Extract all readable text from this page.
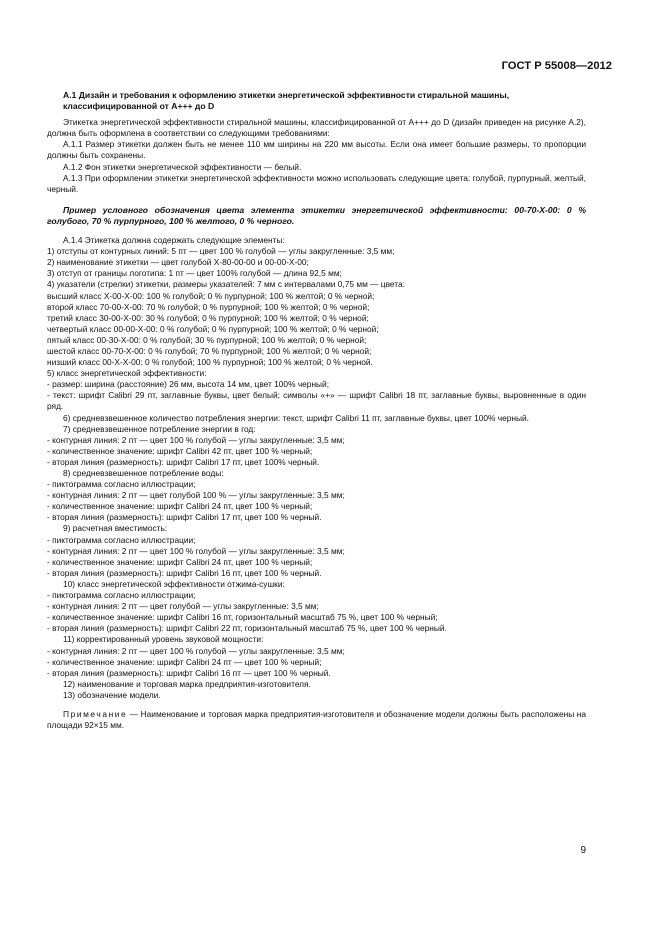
ГОСТ Р 55008—2012

А.1 Дизайн и требования к оформлению этикетки энергетической эффективности стиральной машины, классифицированной от А+++ до D

Этикетка энергетической эффективности стиральной машины, классифицированной от А+++ до D (дизайн приведен на рисунке А.2), должна быть оформлена в соответствии со следующими требованиями:

А.1.1 Размер этикетки должен быть не менее 110 мм ширины на 220 мм высоты. Если она имеет большие размеры, то пропорции должны быть сохранены.

А.1.2 Фон этикетки энергетической эффективности — белый.

А.1.3 При оформлении этикетки энергетической эффективности можно использовать следующие цвета: голубой, пурпурный, желтый, черный.

Пример условного обозначения цвета элемента этикетки энергетической эффективности: 00-70-Х-00: 0 % голубого, 70 % пурпурного, 100 % желтого, 0 % черного.

А.1.4 Этикетка должна содержать следующие элементы:

1) отступы от контурных линий: 5 пт — цвет 100 % голубой — углы закругленные: 3,5 мм;

2) наименование этикетки — цвет голубой Х-80-00-00 и 00-00-Х-00;

3) отступ от границы логотипа: 1 пт — цвет 100% голубой — длина 92,5 мм;

4) указатели (стрелки) этикетки, размеры указателей: 7 мм с интервалами 0,75 мм — цвета:

высший класс Х-00-Х-00: 100 % голубой; 0 % пурпурной; 100 % желтой; 0 % черной;

второй класс 70-00-Х-00: 70 % голубой; 0 % пурпурной; 100 % желтой; 0 % черной;

третий класс 30-00-Х-00: 30 % голубой; 0 % пурпурной; 100 % желтой; 0 % черной;

четвертый класс 00-00-Х-00: 0 % голубой; 0 % пурпурной; 100 % желтой; 0 % черной;

пятый класс 00-30-Х-00: 0 % голубой; 30 % пурпурной; 100 % желтой; 0 % черной;

шестой класс 00-70-Х-00: 0 % голубой; 70 % пурпурной; 100 % желтой; 0 % черной;

низший класс 00-Х-Х-00: 0 % голубой; 100 % пурпурной; 100 % желтой; 0 % черной.

5) класс энергетической эффективности:

- размер: ширина (расстояние) 26 мм, высота 14 мм, цвет 100% черный;

- текст: шрифт Calibri 29 пт, заглавные буквы, цвет белый; символы «+» — шрифт Calibri 18 пт, заглавные буквы, выровненные в один ряд.

6) средневзвешенное количество потребления энергии: текст, шрифт Calibri 11 пт, заглавные буквы, цвет 100% черный.

7) средневзвешенное потребление энергии в год:

- контурная линия: 2 пт — цвет 100 % голубой — углы закругленные: 3,5 мм;

- количественное значение: шрифт Calibri 42 пт, цвет 100 % черный;

- вторая линия (размерность): шрифт Calibri 17 пт, цвет 100% черный.

8) средневзвешенное потребление воды:

- пиктограмма согласно иллюстрации;

- контурная линия: 2 пт — цвет голубой 100 % — углы закругленные: 3,5 мм;

- количественное значение: шрифт Calibri 24 пт, цвет 100 % черный;

- вторая линия (размерность): шрифт Calibri 17 пт, цвет 100 % черный.

9) расчетная вместимость:

- пиктограмма согласно иллюстрации;

- контурная линия: 2 пт — цвет 100 % голубой — углы закругленные: 3,5 мм;

- количественное значение: шрифт Calibri 24 пт, цвет 100 % черный;

- вторая линия (размерность): шрифт Calibri 16 пт, цвет 100 % черный.

10) класс энергетической эффективности отжима-сушки:

- пиктограмма согласно иллюстрации;

- контурная линия: 2 пт — цвет голубой — углы закругленные: 3,5 мм;

- количественное значение: шрифт Calibri 16 пт, горизонтальный масштаб 75 %, цвет 100 % черный;

- вторая линия (размерность): шрифт Calibri 22 пт, горизонтальный масштаб 75 %, цвет 100 % черный.

11) корректированный уровень звуковой мощности:

- контурная линия: 2 пт — цвет 100 % голубой — углы закругленные: 3,5 мм;

- количественное значение: шрифт Calibri 24 пт — цвет 100 % черный;

- вторая линия (размерность): шрифт Calibri 16 пт — цвет 100 % черный.

12) наименование и торговая марка предприятия-изготовителя.

13) обозначение модели.

Примечание — Наименование и торговая марка предприятия-изготовителя и обозначение модели должны быть расположены на площади 92×15 мм.

9
